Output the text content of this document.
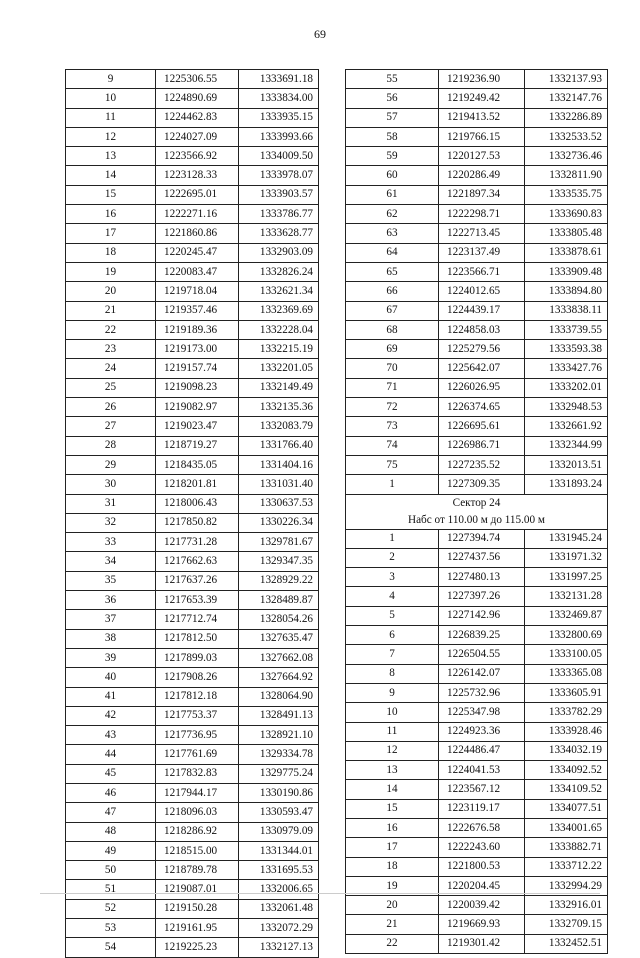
69
9	1225306.55	1333691.18
10	1224890.69	1333834.00
11	1224462.83	1333935.15
12	1224027.09	1333993.66
13	1223566.92	1334009.50
14	1223128.33	1333978.07
15	1222695.01	1333903.57
16	1222271.16	1333786.77
17	1221860.86	1333628.77
18	1220245.47	1332903.09
19	1220083.47	1332826.24
20	1219718.04	1332621.34
21	1219357.46	1332369.69
22	1219189.36	1332228.04
23	1219173.00	1332215.19
24	1219157.74	1332201.05
25	1219098.23	1332149.49
26	1219082.97	1332135.36
27	1219023.47	1332083.79
28	1218719.27	1331766.40
29	1218435.05	1331404.16
30	1218201.81	1331031.40
31	1218006.43	1330637.53
32	1217850.82	1330226.34
33	1217731.28	1329781.67
34	1217662.63	1329347.35
35	1217637.26	1328929.22
36	1217653.39	1328489.87
37	1217712.74	1328054.26
38	1217812.50	1327635.47
39	1217899.03	1327662.08
40	1217908.26	1327664.92
41	1217812.18	1328064.90
42	1217753.37	1328491.13
43	1217736.95	1328921.10
44	1217761.69	1329334.78
45	1217832.83	1329775.24
46	1217944.17	1330190.86
47	1218096.03	1330593.47
48	1218286.92	1330979.09
49	1218515.00	1331344.01
50	1218789.78	1331695.53
51	1219087.01	1332006.65
52	1219150.28	1332061.48
53	1219161.95	1332072.29
54	1219225.23	1332127.13
55	1219236.90	1332137.93
56	1219249.42	1332147.76
57	1219413.52	1332286.89
58	1219766.15	1332533.52
59	1220127.53	1332736.46
60	1220286.49	1332811.90
61	1221897.34	1333535.75
62	1222298.71	1333690.83
63	1222713.45	1333805.48
64	1223137.49	1333878.61
65	1223566.71	1333909.48
66	1224012.65	1333894.80
67	1224439.17	1333838.11
68	1224858.03	1333739.55
69	1225279.56	1333593.38
70	1225642.07	1333427.76
71	1226026.95	1333202.01
72	1226374.65	1332948.53
73	1226695.61	1332661.92
74	1226986.71	1332344.99
75	1227235.52	1332013.51
1	1227309.35	1331893.24

Сектор 24
Набс от 110.00 м до 115.00 м		

1	1227394.74	1331945.24
2	1227437.56	1331971.32
3	1227480.13	1331997.25
4	1227397.26	1332131.28
5	1227142.96	1332469.87
6	1226839.25	1332800.69
7	1226504.55	1333100.05
8	1226142.07	1333365.08
9	1225732.96	1333605.91
10	1225347.98	1333782.29
11	1224923.36	1333928.46
12	1224486.47	1334032.19
13	1224041.53	1334092.52
14	1223567.12	1334109.52
15	1223119.17	1334077.51
16	1222676.58	1334001.65
17	1222243.60	1333882.71
18	1221800.53	1333712.22
19	1220204.45	1332994.29
20	1220039.42	1332916.01
21	1219669.93	1332709.15
22	1219301.42	1332452.51
